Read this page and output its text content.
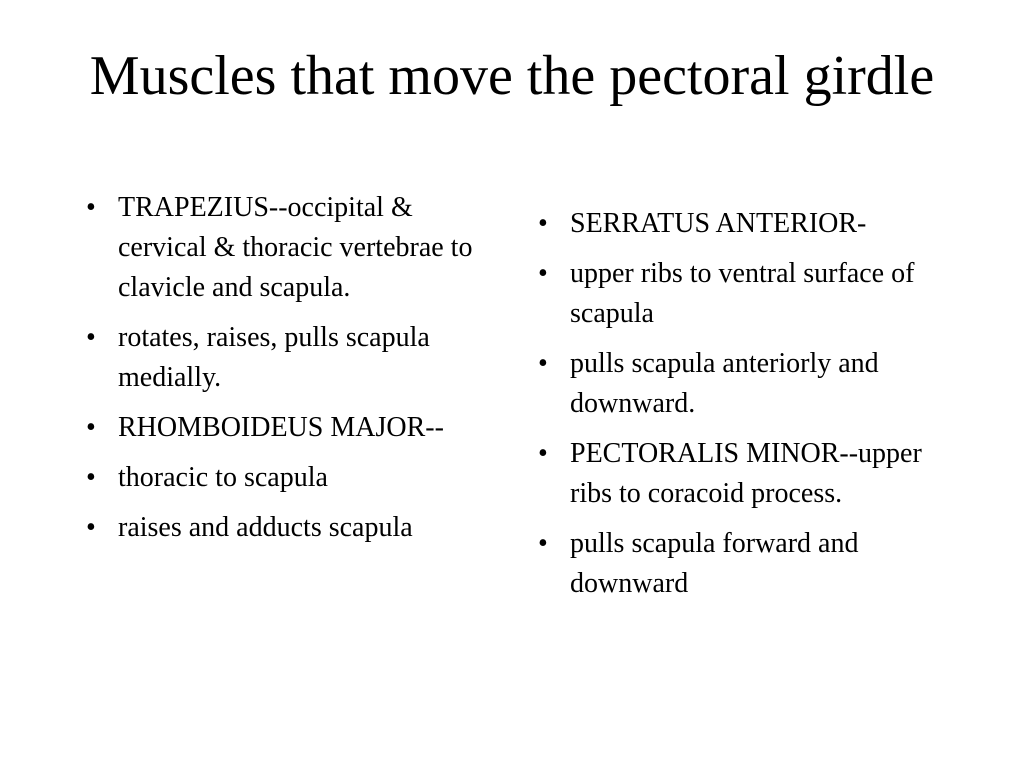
Muscles that move the pectoral girdle
• TRAPEZIUS--occipital & cervical & thoracic vertebrae to clavicle and scapula.
• rotates, raises, pulls scapula medially.
• RHOMBOIDEUS MAJOR--
• thoracic to scapula
• raises and adducts scapula
• SERRATUS ANTERIOR-
• upper ribs to ventral surface of scapula
• pulls scapula anteriorly and downward.
• PECTORALIS MINOR--upper ribs to coracoid process.
• pulls scapula forward and downward
